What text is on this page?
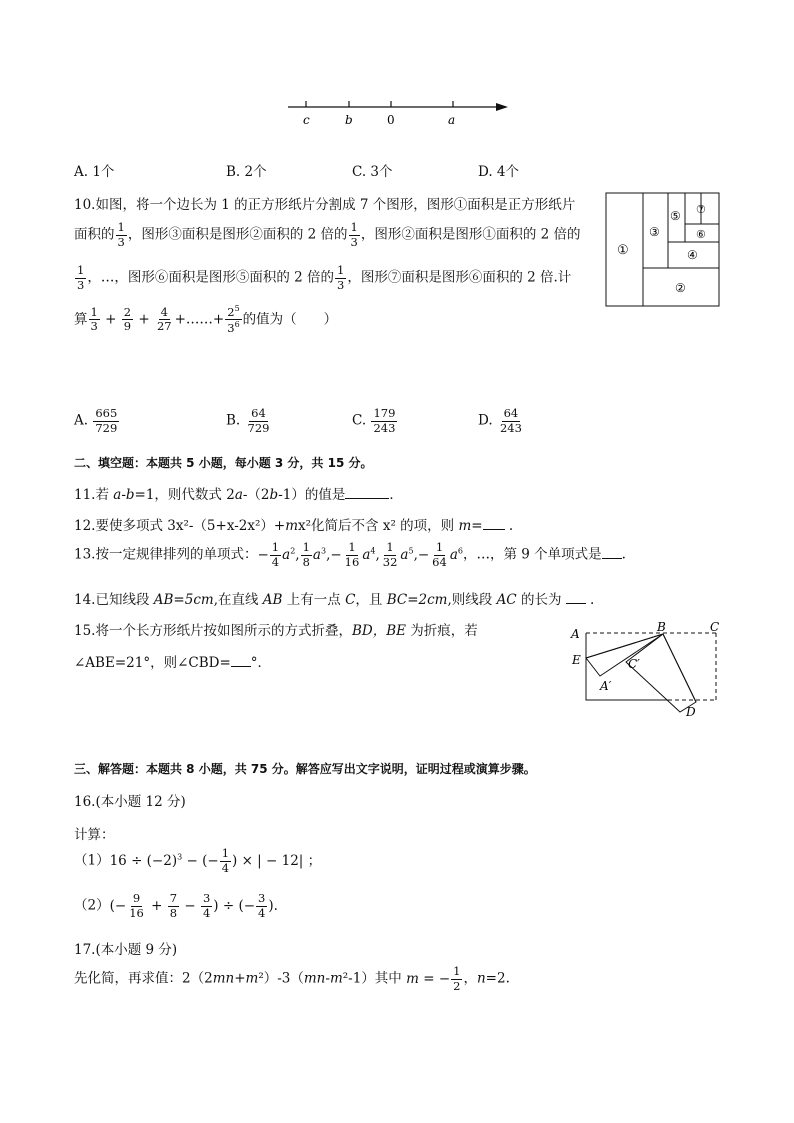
c	b	0	a
A. 1个	B. 2个	C. 3个	D. 4个
10.如图，将一个边长为 1 的正方形纸片分割成 7 个图形，图形①面积是正方形纸片
面积的 $\frac{1}{3}$ ，图形③面积是图形②面积的 2 倍的 $\frac{1}{3}$ ，图形②面积是图形①面积的 2 倍的
$\frac{1}{3}$ ，…，图形⑥面积是图形⑤面积的 2 倍的 $\frac{1}{3}$ ，图形⑦面积是图形⑥面积的 2 倍.计
算 $\frac{1}{3} + \frac{2}{9} + \frac{4}{27}$ +……+ $\frac{2^5}{3^6}$ 的值为（　　）
①
③
⑤ ⑦
⑥
④
②
A. $\frac{665}{729}$	B. $\frac{64}{729}$	C. $\frac{179}{243}$	D. $\frac{64}{243}$
二、填空题：本题共 5 小题，每小题 3 分，共 15 分。
11.若 a-b=1，则代数式 2a-（2b-1）的值是	．
12.要使多项式 3x²-（5+x-2x²）+mx²化简后不含 x² 的项，则 m= .
13.按一定规律排列的单项式：− $\frac{1}{4} a^2$, $\frac{1}{8} a^3,- \frac{1}{16} a^4$, $\frac{1}{32} a^5,- \frac{1}{64} a^6$，…，第 9 个单项式是 .
14.已知线段 AB=5cm,在直线 AB 上有一点 C，且 BC=2cm,则线段 AC 的长为  .
15.将一个长方形纸片按如图所示的方式折叠，BD，BE 为折痕，若
∠ABE=21°，则∠CBD= °．
A	B	C
E	C′
A′
D
三、解答题：本题共 8 小题，共 75 分。解答应写出文字说明，证明过程或演算步骤。
16.(本小题 12 分)
计算：
$(1)16 \div (-2)^3$ − (− $\frac{1}{4}$ ) × | − 12| ；
$(2)(- \frac{9}{16} + \frac{7}{8} - \frac{3}{4}$ ) ÷ (− $\frac{3}{4}$ ).
17.(本小题 9 分)
先化简，再求值：2（2mn+m²）-3（mn-m²-1）其中 m = − $\frac{1}{2}$ ，n=2.
